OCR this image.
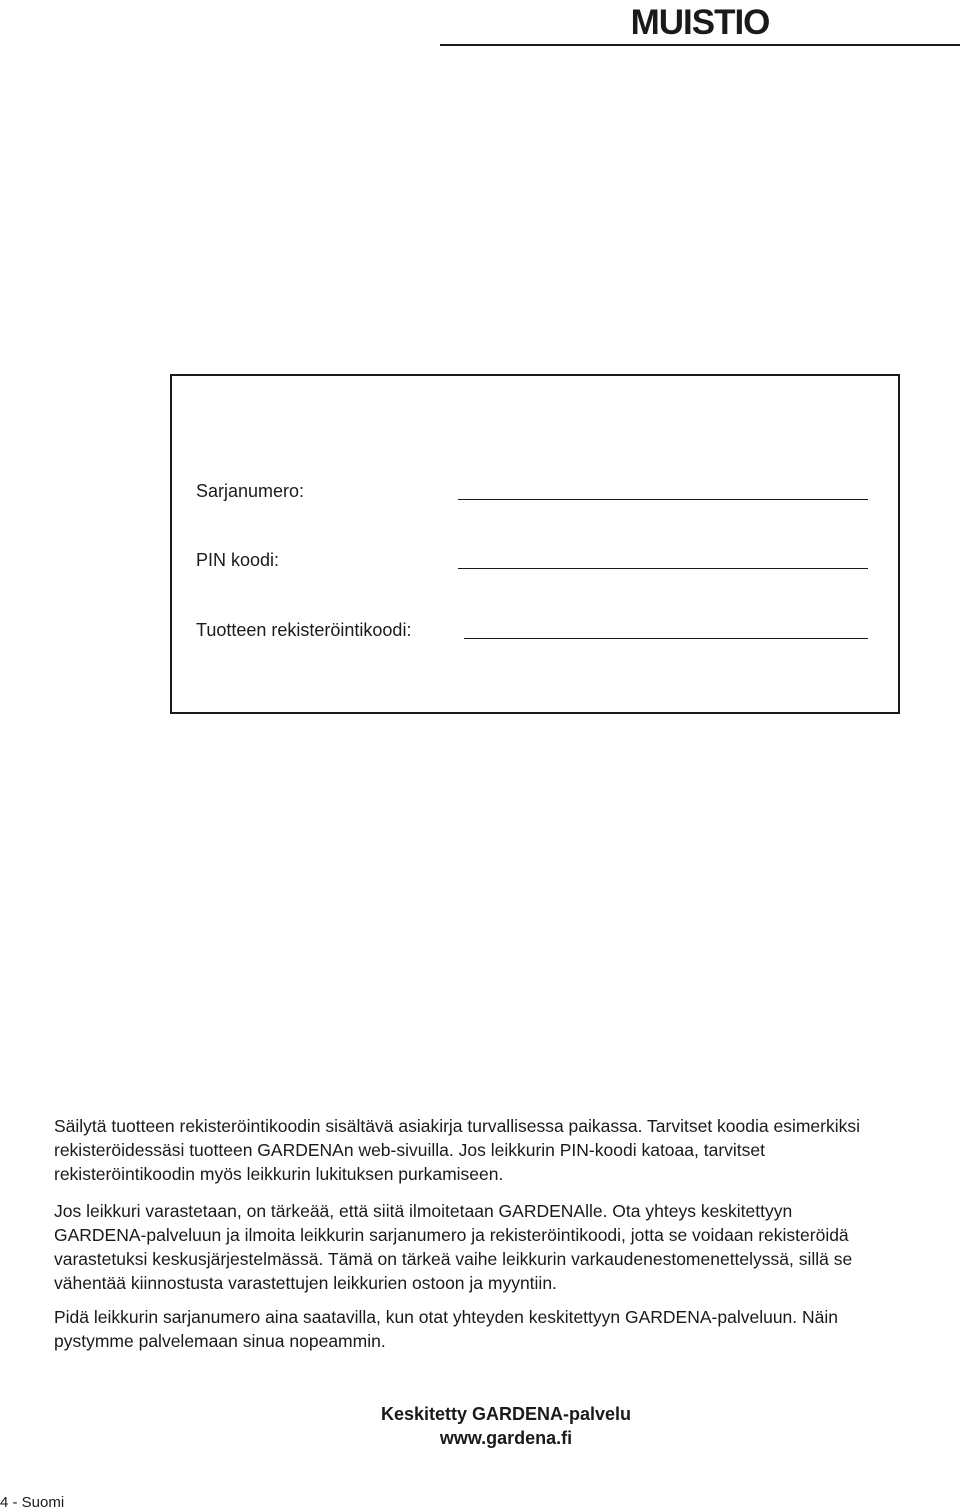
MUISTIO
Sarjanumero:
PIN koodi:
Tuotteen rekisteröintikoodi:

Säilytä tuotteen rekisteröintikoodin sisältävä asiakirja turvallisessa paikassa. Tarvitset koodia esimerkiksi

rekisteröidessäsi tuotteen GARDENAn web-sivuilla. Jos leikkurin PIN-koodi katoaa, tarvitset

rekisteröintikoodin myös leikkurin lukituksen purkamiseen.

Jos leikkuri varastetaan, on tärkeää, että siitä ilmoitetaan GARDENAlle. Ota yhteys keskitettyyn

GARDENA-palveluun ja ilmoita leikkurin sarjanumero ja rekisteröintikoodi, jotta se voidaan rekisteröidä

varastetuksi keskusjärjestelmässä. Tämä on tärkeä vaihe leikkurin varkaudenestomenettelyssä, sillä se

vähentää kiinnostusta varastettujen leikkurien ostoon ja myyntiin.

Pidä leikkurin sarjanumero aina saatavilla, kun otat yhteyden keskitettyyn GARDENA-palveluun. Näin

pystymme palvelemaan sinua nopeammin.

Keskitetty GARDENA-palvelu
www.gardena.fi
4 - Suomi
